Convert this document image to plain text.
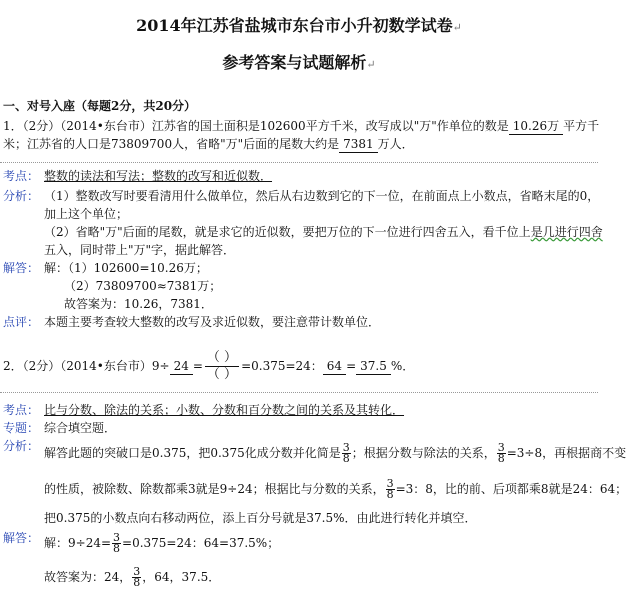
2014年江苏省盐城市东台市小升初数学试卷↵
参考答案与试题解析↵
一、对号入座（每题2分，共20分）
1．（2分）（2014•东台市）江苏省的国土面积是102600平方千米，改写成以"万"作单位的数是 10.26万 平方千
米；江苏省的人口是73809700人，省略"万"后面的尾数大约是 7381 万人．
考点： 整数的读法和写法；整数的改写和近似数．
分析： （1）整数改写时要看清用什么做单位，然后从右边数到它的下一位，在前面点上小数点，省略末尾的0，
加上这个单位；
（2）省略"万"后面的尾数，就是求它的近似数，要把万位的下一位进行四舍五入，看千位上是几进行四舍
五入，同时带上"万"字，据此解答．
解答： 解：（1）102600=10.26万；
（2）73809700≈7381万；
故答案为：10.26，7381．
点评： 本题主要考查较大整数的改写及求近似数，要注意带计数单位．
2．（2分）（2014•东台市）9÷ 24 =
（ ）
（ ）
=0.375=24： 64 = 37.5 %．
考点： 比与分数、除法的关系；小数、分数和百分数之间的关系及其转化．
专题： 综合填空题．
分析： 解答此题的突破口是0.375，把0.375化成分数并化简是 $\frac{3}{8}$ ；根据分数与除法的关系， $\frac{3}{8} =3\div 8$，再根据商不变
的性质，被除数、除数都乘3就是9÷24；根据比与分数的关系， $\frac{3}{8} =3$：8，比的前、后项都乘8就是24：64；
把0.375的小数点向右移动两位，添上百分号就是37.5%．由此进行转化并填空．
解答： 解：$9\div 24= \frac{3}{8} =0.375=24$：64=37.5%；
故答案为：24， $\frac{3}{8}$ ，64，37.5．
